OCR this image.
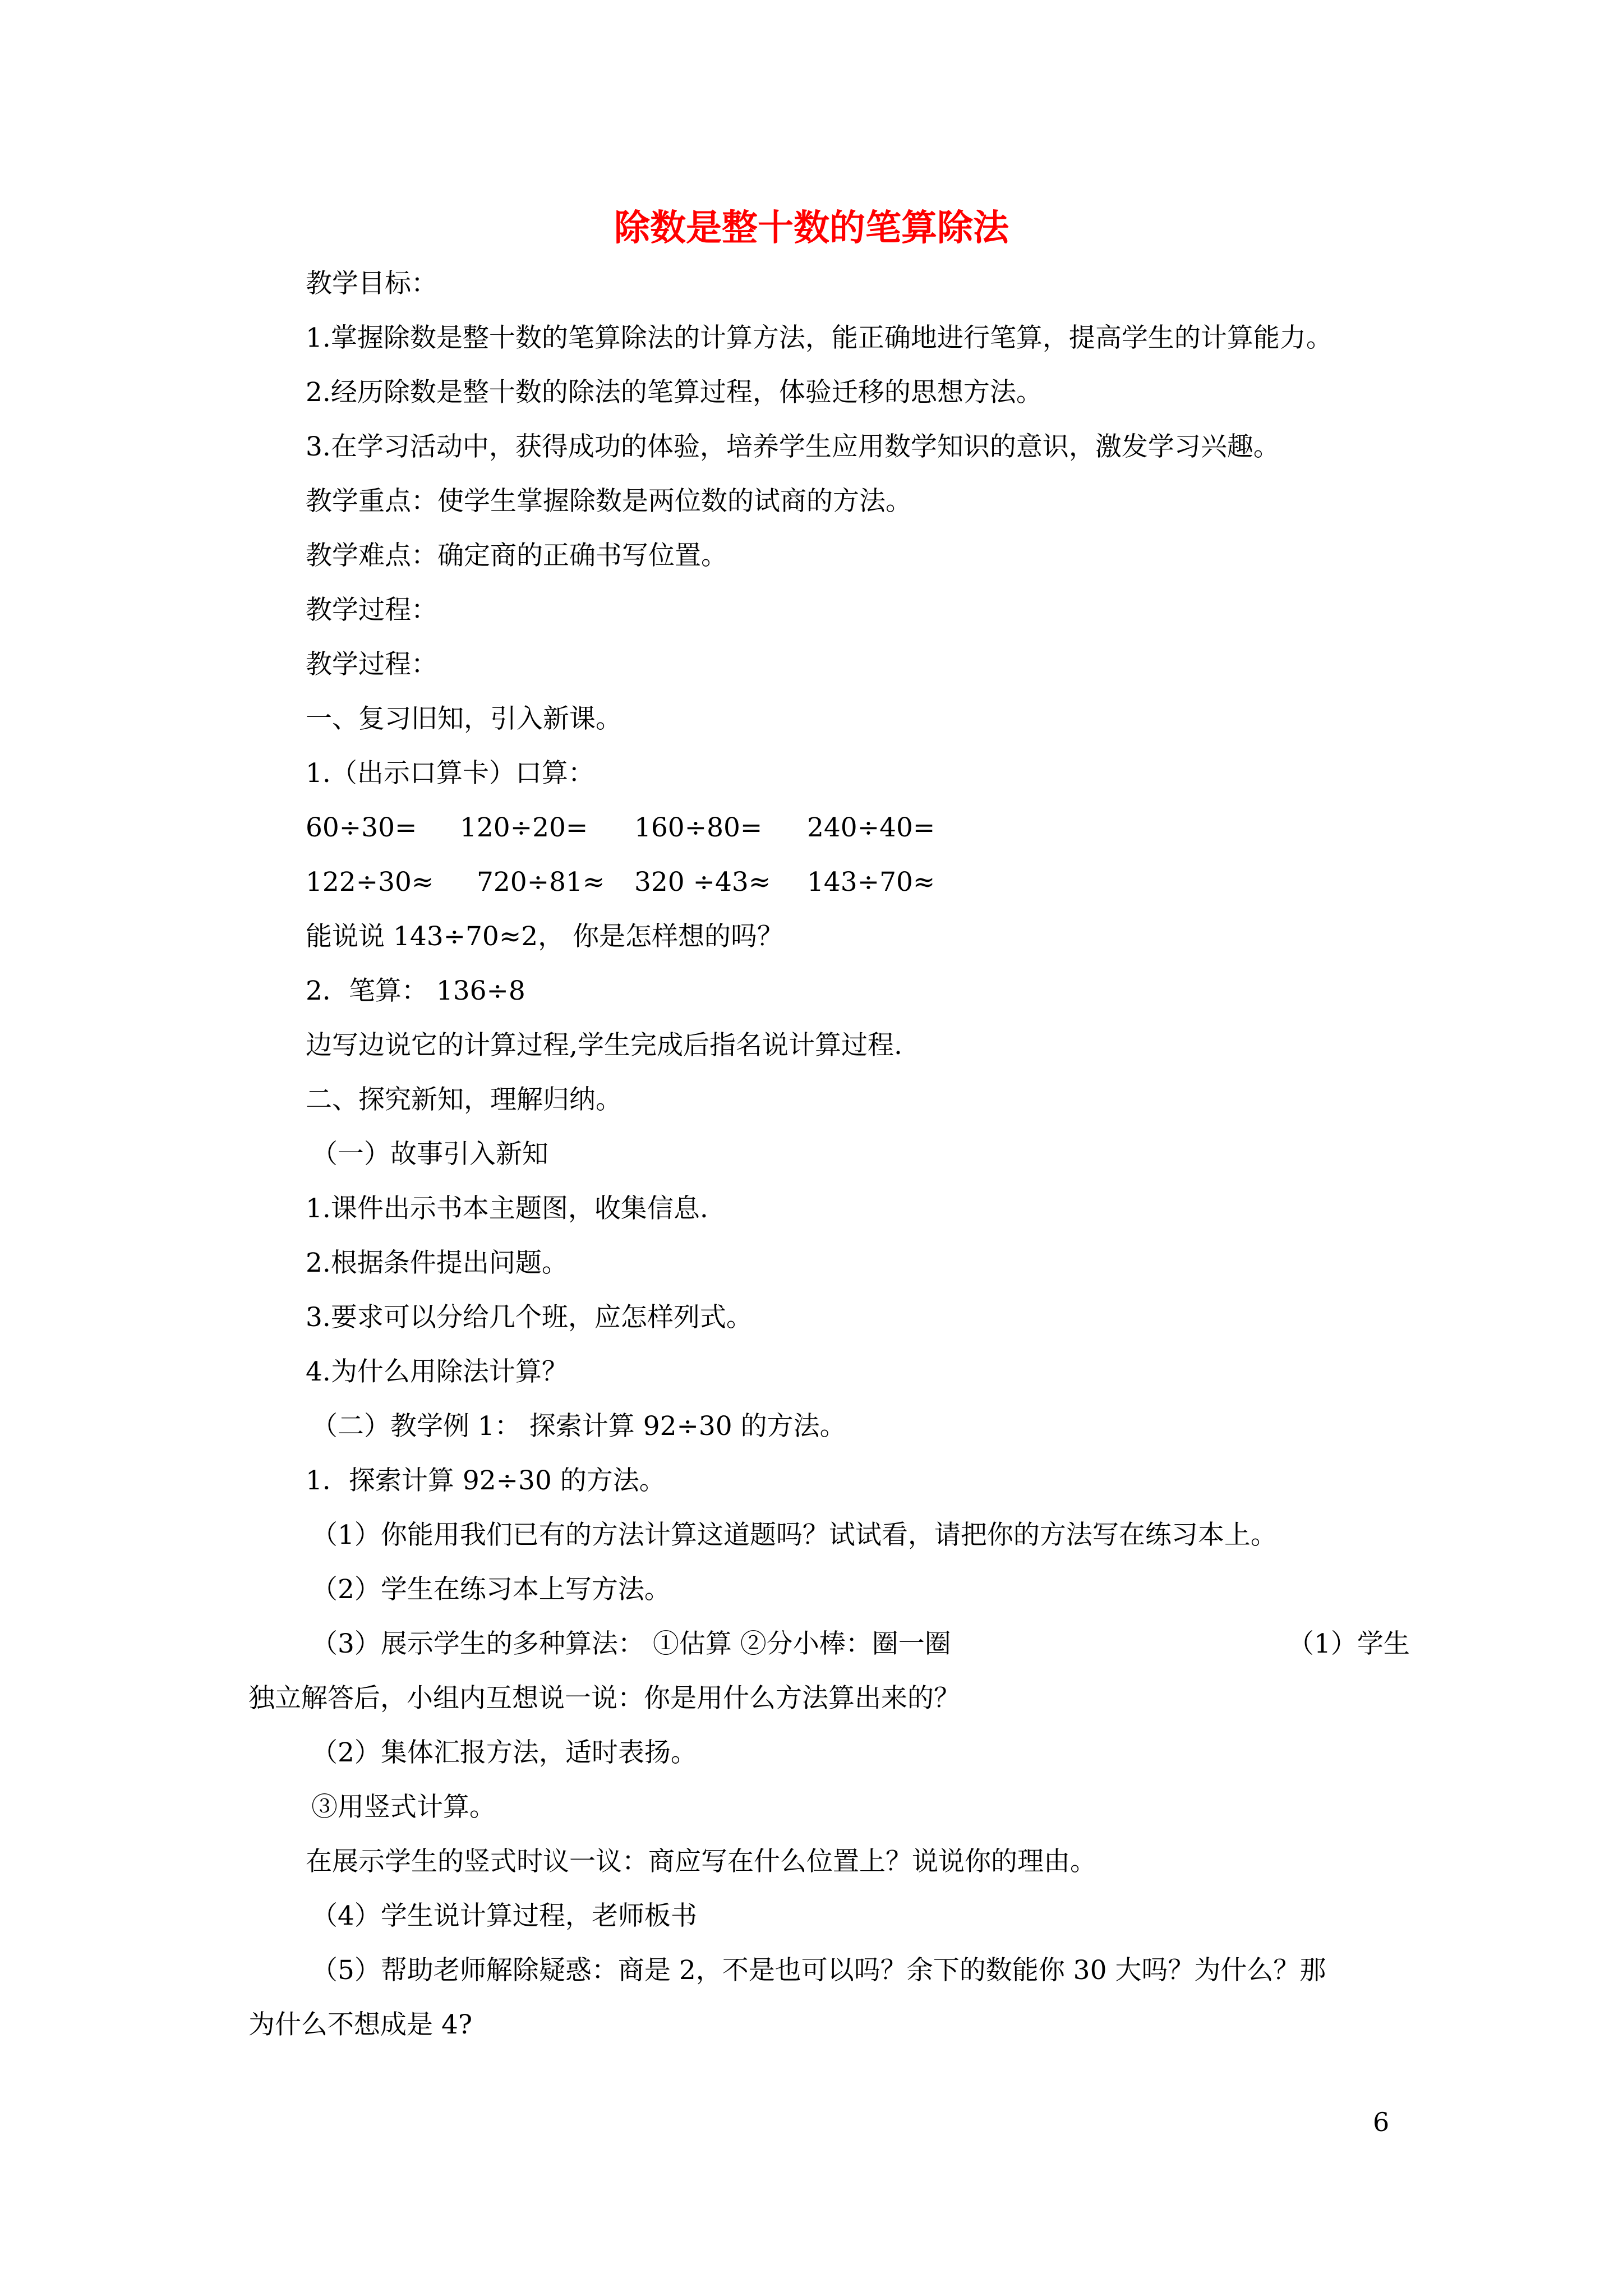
除数是整十数的笔算除法

教学目标：

1.掌握除数是整十数的笔算除法的计算方法，能正确地进行笔算，提高学生的计算能力。

2.经历除数是整十数的除法的笔算过程，体验迁移的思想方法。

3.在学习活动中，获得成功的体验，培养学生应用数学知识的意识，激发学习兴趣。

教学重点：使学生掌握除数是两位数的试商的方法。

教学难点：确定商的正确书写位置。

教学过程：

教学过程：

一、复习旧知，引入新课。

1.（出示口算卡）口算：

60÷30= 120÷20= 160÷80= 240÷40=
122÷30≈ 720÷81≈ 320 ÷43≈ 143÷70≈

能说说 143÷70≈2， 你是怎样想的吗？

2．笔算： 136÷8

边写边说它的计算过程,学生完成后指名说计算过程.

二、探究新知，理解归纳。

（一）故事引入新知

1.课件出示书本主题图，收集信息.

2.根据条件提出问题。

3.要求可以分给几个班，应怎样列式。

4.为什么用除法计算？

（二）教学例 1： 探索计算 92÷30 的方法。

1．探索计算 92÷30 的方法。

（1）你能用我们已有的方法计算这道题吗？试试看，请把你的方法写在练习本上。

（2）学生在练习本上写方法。

（3）展示学生的多种算法： ①估算 ②分小棒：圈一圈	（1）学生

独立解答后，小组内互想说一说：你是用什么方法算出来的？

（2）集体汇报方法，适时表扬。

③用竖式计算。

在展示学生的竖式时议一议：商应写在什么位置上？说说你的理由。

（4）学生说计算过程，老师板书

（5）帮助老师解除疑惑：商是 2，不是也可以吗？余下的数能你 30 大吗？为什么？那

为什么不想成是 4?

6
